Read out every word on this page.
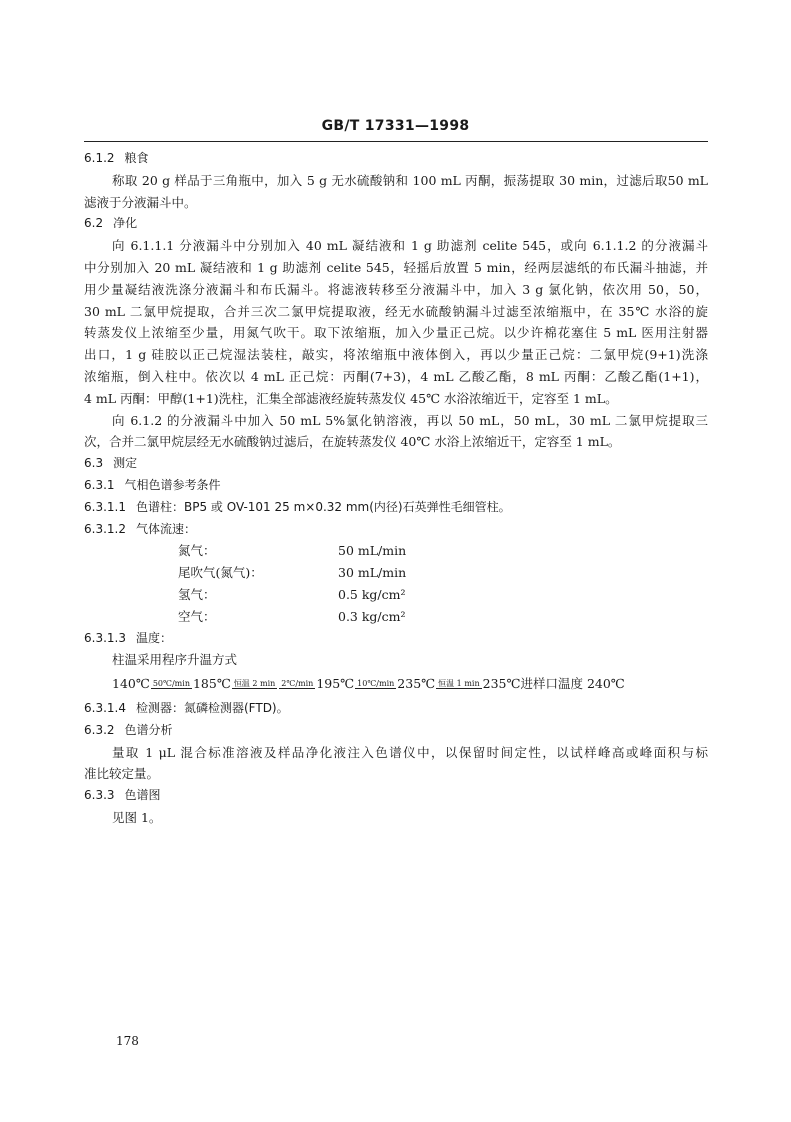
GB/T 17331—1998
6.1.2 粮食
称取 20 g 样品于三角瓶中，加入 5 g 无水硫酸钠和 100 mL 丙酮，振荡提取 30 min，过滤后取50 mL
滤液于分液漏斗中。
6.2 净化
向 6.1.1.1 分液漏斗中分别加入 40 mL 凝结液和 1 g 助滤剂 celite 545，或向 6.1.1.2 的分液漏斗
中分别加入 20 mL 凝结液和 1 g 助滤剂 celite 545，轻摇后放置 5 min，经两层滤纸的布氏漏斗抽滤，并
用少量凝结液洗涤分液漏斗和布氏漏斗。将滤液转移至分液漏斗中，加入 3 g 氯化钠，依次用 50，50，
30 mL 二氯甲烷提取，合并三次二氯甲烷提取液，经无水硫酸钠漏斗过滤至浓缩瓶中，在 35℃ 水浴的旋
转蒸发仪上浓缩至少量，用氮气吹干。取下浓缩瓶，加入少量正己烷。以少许棉花塞住 5 mL 医用注射器
出口，1 g 硅胶以正己烷湿法装柱，敲实，将浓缩瓶中液体倒入，再以少量正己烷：二氯甲烷(9+1)洗涤
浓缩瓶，倒入柱中。依次以 4 mL 正己烷：丙酮(7+3)，4 mL 乙酸乙酯，8 mL 丙酮：乙酸乙酯(1+1)，
4 mL 丙酮：甲醇(1+1)洗柱，汇集全部滤液经旋转蒸发仪 45℃ 水浴浓缩近干，定容至 1 mL。
向 6.1.2 的分液漏斗中加入 50 mL 5%氯化钠溶液，再以 50 mL，50 mL，30 mL 二氯甲烷提取三
次，合并二氯甲烷层经无水硫酸钠过滤后，在旋转蒸发仪 40℃ 水浴上浓缩近干，定容至 1 mL。
6.3 测定
6.3.1 气相色谱参考条件
6.3.1.1 色谱柱：BP5 或 OV-101 25 m×0.32 mm(内径)石英弹性毛细管柱。
6.3.1.2 气体流速：
氮气：	50 mL/min
尾吹气(氮气)：	30 mL/min
氢气：	0.5 kg/cm²
空气：	0.3 kg/cm²
6.3.1.3 温度：
柱温采用程序升温方式
140℃ 50℃/min 185℃ 恒温 2 min 2℃/min 195℃ 10℃/min 235℃ 恒温 1 min 235℃进样口温度 240℃
6.3.1.4 检测器：氮磷检测器(FTD)。
6.3.2 色谱分析
量取 1 μL 混合标准溶液及样品净化液注入色谱仪中，以保留时间定性，以试样峰高或峰面积与标
准比较定量。
6.3.3 色谱图
见图 1。
178
